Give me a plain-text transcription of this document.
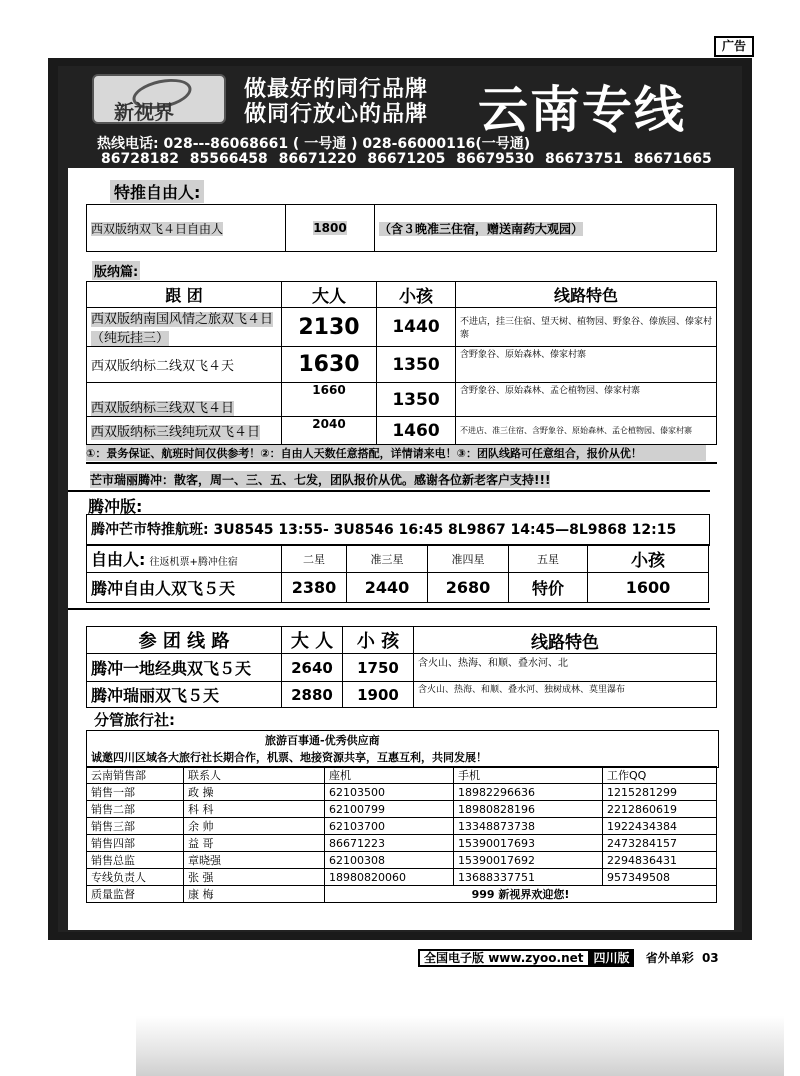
广告
新视界
做最好的同行品牌
做同行放心的品牌 云南专线
热线电话: 028---86068661 ( 一号通 ) 028-66000116(一号通)
86728182 85566458 86671220 86671205 86679530 86673751 86671665
特推自由人:
西双版纳双飞４日自由人	1800	（含３晚准三住宿，赠送南药大观园）
版纳篇:
跟 团	大人	小孩	线路特色
西双版纳南国风情之旅双飞４日（纯玩挂三）	2130	1440	不进店，挂三住宿、望天树、植物园、野象谷、傣族园、傣家村寨
西双版纳标二线双飞４天	1630	1350	含野象谷、原始森林、傣家村寨
西双版纳标三线双飞４日	1660	1350	含野象谷、原始森林、孟仑植物园、傣家村寨
西双版纳标三线纯玩双飞４日	2040	1460	不进店、准三住宿、含野象谷、原始森林、孟仑植物园、傣家村寨
①：景务保证、航班时间仅供参考！②：自由人天数任意搭配，详情请来电！③：团队线路可任意组合，报价从优！
芒市瑞丽腾冲：散客，周一、三、五、七发，团队报价从优。感谢各位新老客户支持!!!
腾冲版:
腾冲芒市特推航班: 3U8545 13:55- 3U8546 16:45 8L9867 14:45—8L9868 12:15
自由人: 往返机票+腾冲住宿	二星	准三星	准四星	五星	小孩
腾冲自由人双飞５天	2380	2440	2680	特价	1600
参 团 线 路	大 人	小 孩	线路特色
腾冲一地经典双飞５天	2640	1750	含火山、热海、和顺、叠水河、北
腾冲瑞丽双飞５天	2880	1900	含火山、热海、和顺、叠水河、独树成林、莫里瀑布
分管旅行社:
旅游百事通-优秀供应商
诚邀四川区域各大旅行社长期合作，机票、地接资源共享，互惠互利，共同发展！
云南销售部	联系人	座机	手机	工作QQ
销售一部	政 操	62103500	18982296636	1215281299
销售二部	科 科	62100799	18980828196	2212860619
销售三部	余 帅	62103700	13348873738	1922434384
销售四部	益 哥	86671223	15390017693	2473284157
销售总监	章晓强	62100308	15390017692	2294836431
专线负责人	张 强	18980820060	13688337751	957349508
质量监督	康 梅	999 新视界欢迎您!		
全国电子版 www.zyoo.net 四川版 省外单彩 03
